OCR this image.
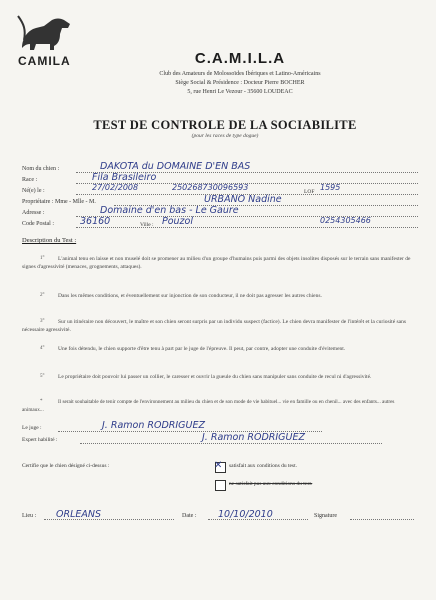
CAMILA	C.A.M.I.L.A
Club des Amateurs de Molossoïdes Ibériques et Latino-Américains
Siège Social & Présidence : Docteur Pierre BOCHER
5, rue Henri Le Vezour - 35600 LOUDEAC
TEST DE CONTROLE DE LA SOCIABILITE
(pour les races de type dogue)
Nom du chien :	DAKOTA du DOMAINE D'EN BAS
Race :	Fila Brasileiro
Né(e) le :	27/02/2008	250268730096593	LOF 1595
Propriétaire : Mme - Mlle - M.	URBANO Nadine
Adresse :	Domaine d'en bas - Le Gaure
Code Postal :	36160	Ville : Pouzol	0254305466
Description du Test :
1°	L'animal tenu en laisse et non muselé doit se promener au milieu d'un groupe d'humains puis parmi des objets insolites disposés sur le terrain sans manifester de signes d'agressivité (menaces, grognements, attaques).

2°	Dans les mêmes conditions, et éventuellement sur injonction de son conducteur, il ne doit pas agresser les autres chiens.

3°	Sur un itinéraire non découvert, le maître et son chien seront surpris par un individu suspect (factice). Le chien devra manifester de l'intérêt et la curiosité sans nécessaire agressivité.

4°	Une fois détendu, le chien supporte d'être tenu à part par le juge de l'épreuve. Il peut, par contre, adopter une conduite d'évitement.

5°	Le propriétaire doit pouvoir lui passer un collier, le caresser et ouvrir la gueule du chien sans manipuler sans conduite de recul ni d'agressivité.

*	Il serait souhaitable de tenir compte de l'environnement au milieu du chien et de son mode de vie habituel... vie en famille ou en chenil... avec des enfants... autres animaux...

Le juge :	J. Ramon RODRIGUEZ
Expert habilité :	J. Ramon RODRIGUEZ
Certifie que le chien désigné ci-dessus :	✕ satisfait aux conditions du test.
ne satisfait pas aux conditions du test.
Lieu : ORLEANS	Date : 10/10/2010	Signature
